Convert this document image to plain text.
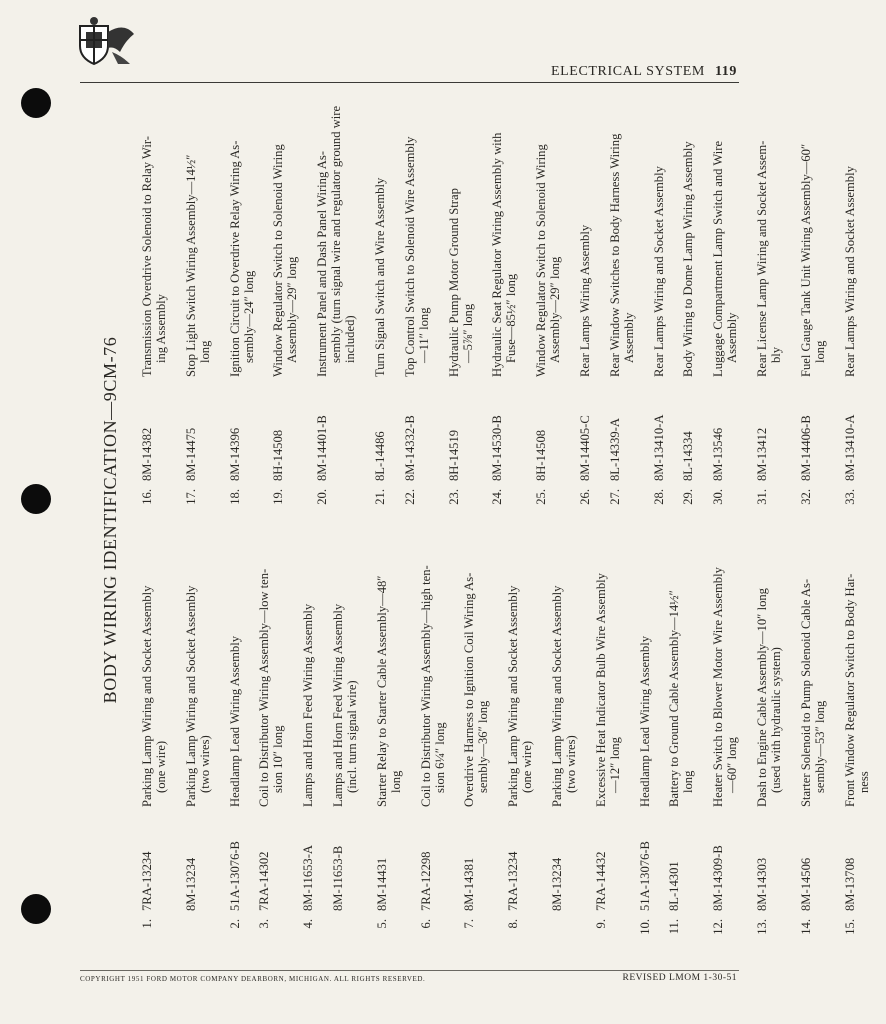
ELECTRICAL SYSTEM 119
BODY WIRING IDENTIFICATION—9CM-76
1.
7RA-13234
Parking Lamp Wiring and Socket Assembly (one wire)
8M-13234
Parking Lamp Wiring and Socket Assembly (two wires)
2.
51A-13076-B
Headlamp Lead Wiring Assembly
3.
7RA-14302
Coil to Distributor Wiring Assembly—low ten- sion 10″ long
4.
8M-11653-A
Lamps and Horn Feed Wiring Assembly
8M-11653-B
Lamps and Horn Feed Wiring Assembly (incl. turn signal wire)
5.
8M-14431
Starter Relay to Starter Cable Assembly—48″ long
6.
7RA-12298
Coil to Distributor Wiring Assembly—high ten- sion 6¼″ long
7.
8M-14381
Overdrive Harness to Ignition Coil Wiring As- sembly—36″ long
8.
7RA-13234
Parking Lamp Wiring and Socket Assembly (one wire)
8M-13234
Parking Lamp Wiring and Socket Assembly (two wires)
9.
7RA-14432
Excessive Heat Indicator Bulb Wire Assembly —12″ long
10.
51A-13076-B
Headlamp Lead Wiring Assembly
11.
8L-14301
Battery to Ground Cable Assembly—14½″ long
12.
8M-14309-B
Heater Switch to Blower Motor Wire Assembly —60″ long
13.
8M-14303
Dash to Engine Cable Assembly—10″ long (used with hydraulic system)
14.
8M-14506
Starter Solenoid to Pump Solenoid Cable As- sembly—53″ long
15.
8M-13708
Front Window Regulator Switch to Body Har- ness
16.
8M-14382
Transmission Overdrive Solenoid to Relay Wir- ing Assembly
17.
8M-14475
Stop Light Switch Wiring Assembly—14½″ long
18.
8M-14396
Ignition Circuit to Overdrive Relay Wiring As- sembly—24″ long
19.
8H-14508
Window Regulator Switch to Solenoid Wiring Assembly—29″ long
20.
8M-14401-B
Instrument Panel and Dash Panel Wiring As- sembly (turn signal wire and regulator ground wire included)
21.
8L-14486
Turn Signal Switch and Wire Assembly
22.
8M-14332-B
Top Control Switch to Solenoid Wire Assembly —11″ long
23.
8H-14519
Hydraulic Pump Motor Ground Strap —5⅞″ long
24.
8M-14530-B
Hydraulic Seat Regulator Wiring Assembly with Fuse—85½″ long
25.
8H-14508
Window Regulator Switch to Solenoid Wiring Assembly—29″ long
26.
8M-14405-C
Rear Lamps Wiring Assembly
27.
8L-14339-A
Rear Window Switches to Body Harness Wiring Assembly
28.
8M-13410-A
Rear Lamps Wiring and Socket Assembly
29.
8L-14334
Body Wiring to Dome Lamp Wiring Assembly
30.
8M-13546
Luggage Compartment Lamp Switch and Wire Assembly
31.
8M-13412
Rear License Lamp Wiring and Socket Assem- bly
32.
8M-14406-B
Fuel Gauge Tank Unit Wiring Assembly—60″ long
33.
8M-13410-A
Rear Lamps Wiring and Socket Assembly
COPYRIGHT 1951 FORD MOTOR COMPANY DEARBORN, MICHIGAN. ALL RIGHTS RESERVED.	REVISED LMOM 1-30-51
